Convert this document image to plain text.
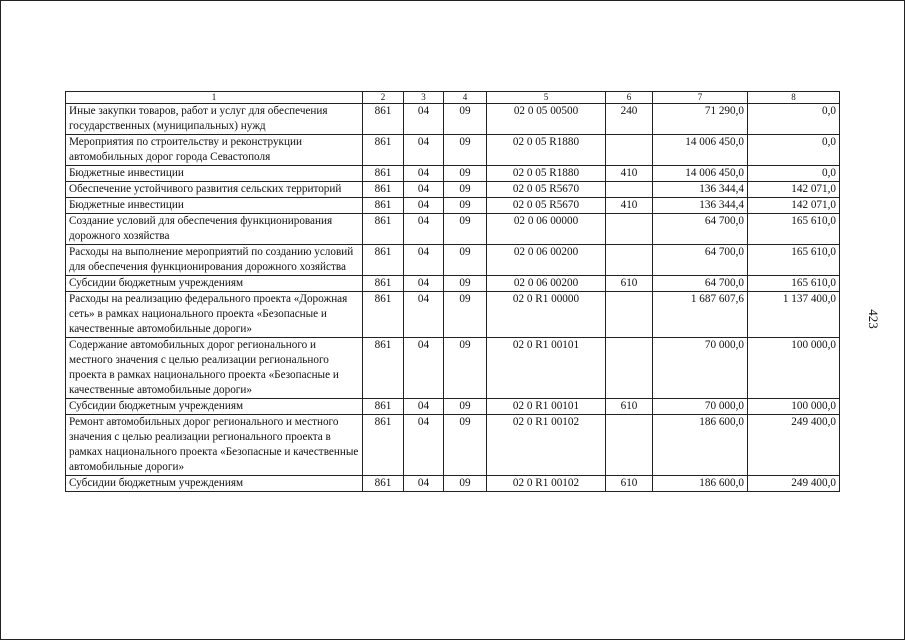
1	2	3	4	5	6	7	8
Иные закупки товаров, работ и услуг для обеспечения государственных (муниципальных) нужд	861	04	09	02 0 05 00500	240	71 290,0	0,0
Мероприятия по строительству и реконструкции автомобильных дорог города Севастополя	861	04	09	02 0 05 R1880		14 006 450,0	0,0
Бюджетные инвестиции	861	04	09	02 0 05 R1880	410	14 006 450,0	0,0
Обеспечение устойчивого развития сельских территорий	861	04	09	02 0 05 R5670		136 344,4	142 071,0
Бюджетные инвестиции	861	04	09	02 0 05 R5670	410	136 344,4	142 071,0
Создание условий для обеспечения функционирования дорожного хозяйства	861	04	09	02 0 06 00000		64 700,0	165 610,0
Расходы на выполнение мероприятий по созданию условий для обеспечения функционирования дорожного хозяйства	861	04	09	02 0 06 00200		64 700,0	165 610,0
Субсидии бюджетным учреждениям	861	04	09	02 0 06 00200	610	64 700,0	165 610,0
Расходы на реализацию федерального проекта «Дорожная сеть» в рамках национального проекта «Безопасные и качественные автомобильные дороги»	861	04	09	02 0 R1 00000		1 687 607,6	1 137 400,0
Содержание автомобильных дорог регионального и местного значения с целью реализации регионального проекта в рамках национального проекта «Безопасные и качественные автомобильные дороги»	861	04	09	02 0 R1 00101		70 000,0	100 000,0
Субсидии бюджетным учреждениям	861	04	09	02 0 R1 00101	610	70 000,0	100 000,0
Ремонт автомобильных дорог регионального и местного значения с целью реализации регионального проекта в рамках национального проекта «Безопасные и качественные автомобильные дороги»	861	04	09	02 0 R1 00102		186 600,0	249 400,0
Субсидии бюджетным учреждениям	861	04	09	02 0 R1 00102	610	186 600,0	249 400,0
423
